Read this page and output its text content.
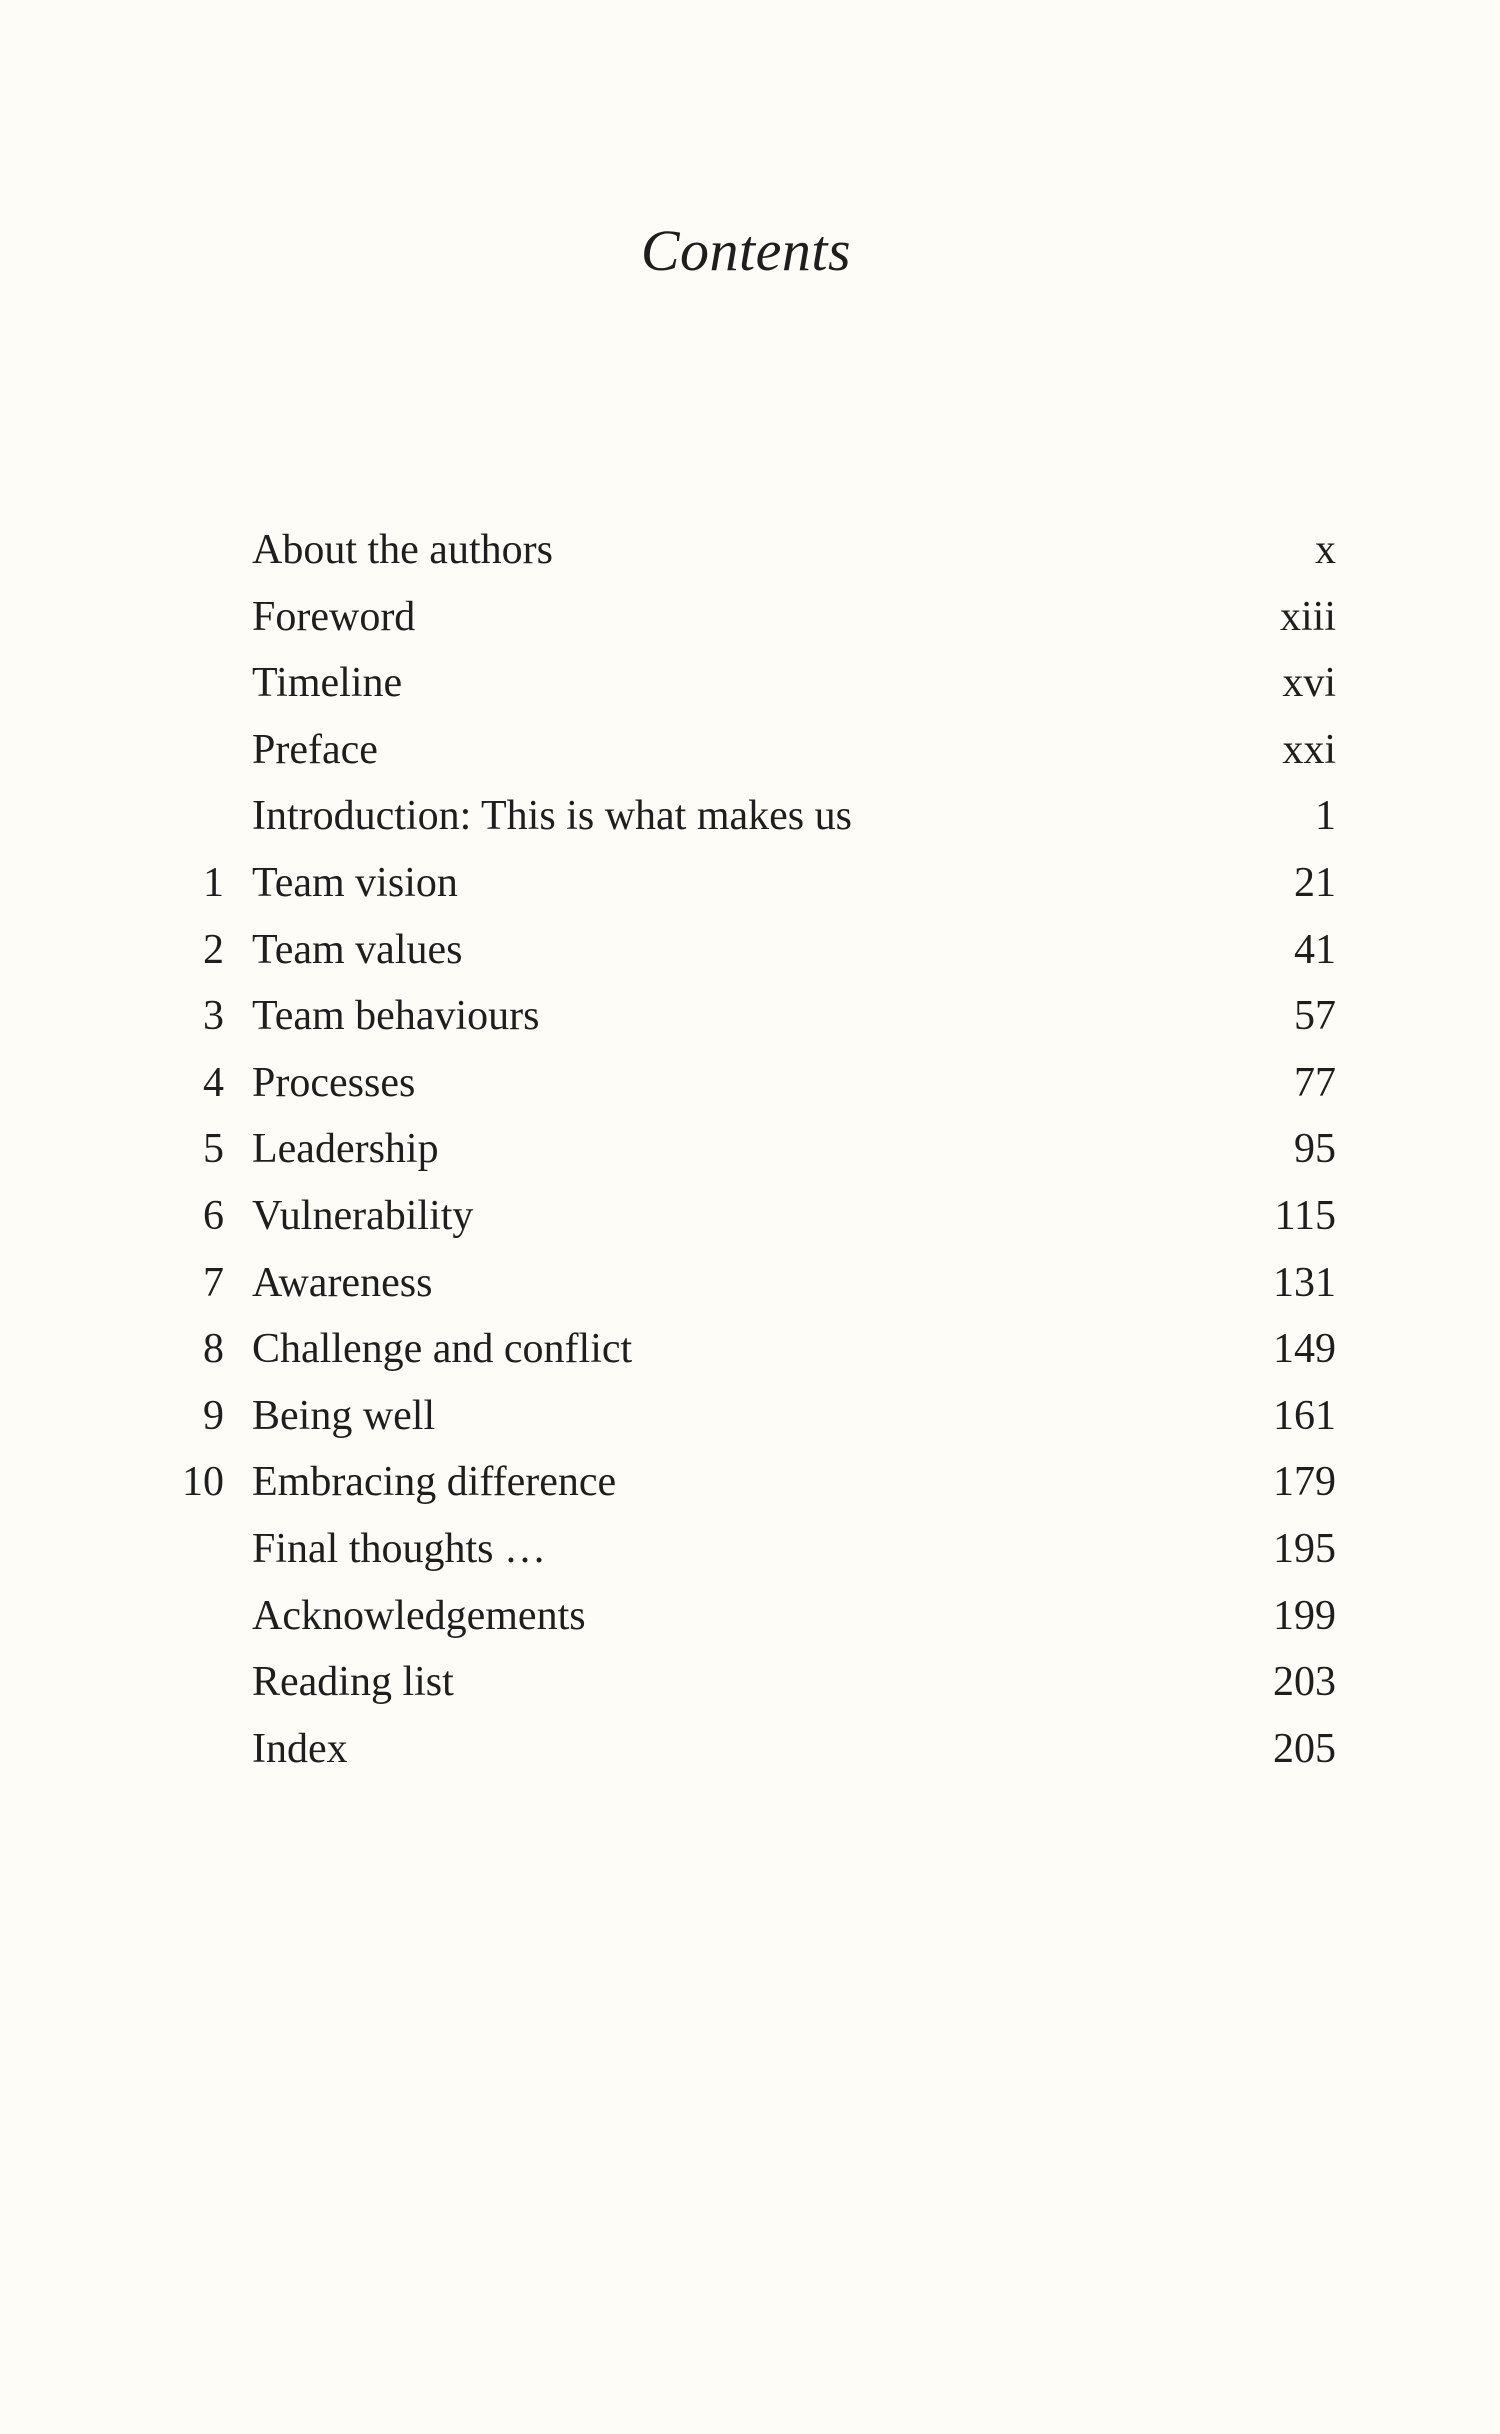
Contents
About the authors	x
Foreword	xiii
Timeline	xvi
Preface	xxi
Introduction: This is what makes us	1
1 Team vision	21
2 Team values	41
3 Team behaviours	57
4 Processes	77
5 Leadership	95
6 Vulnerability	115
7 Awareness	131
8 Challenge and conflict	149
9 Being well	161
10 Embracing difference	179
Final thoughts …	195
Acknowledgements	199
Reading list	203
Index	205
